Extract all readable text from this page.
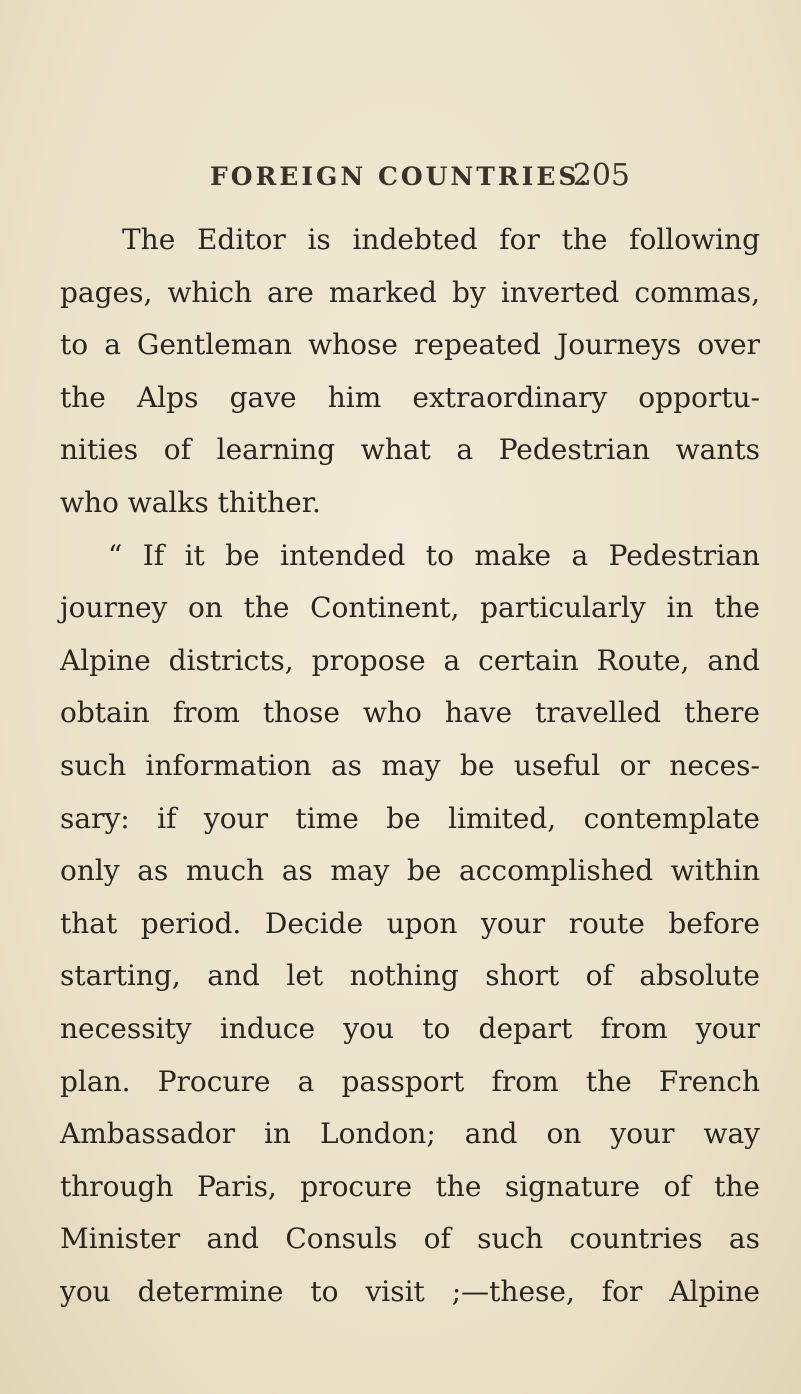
FOREIGN COUNTRIES.
205
The Editor is indebted for the following
pages, which are marked by inverted commas,
to a Gentleman whose repeated Journeys over
the Alps gave him extraordinary opportu-
nities of learning what a Pedestrian wants
who walks thither.
“ If it be intended to make a Pedestrian
journey on the Continent, particularly in the
Alpine districts, propose a certain Route, and
obtain from those who have travelled there
such information as may be useful or neces-
sary: if your time be limited, contemplate
only as much as may be accomplished within
that period. Decide upon your route before
starting, and let nothing short of absolute
necessity induce you to depart from your
plan. Procure a passport from the French
Ambassador in London; and on your way
through Paris, procure the signature of the
Minister and Consuls of such countries as
you determine to visit ;—these, for Alpine
